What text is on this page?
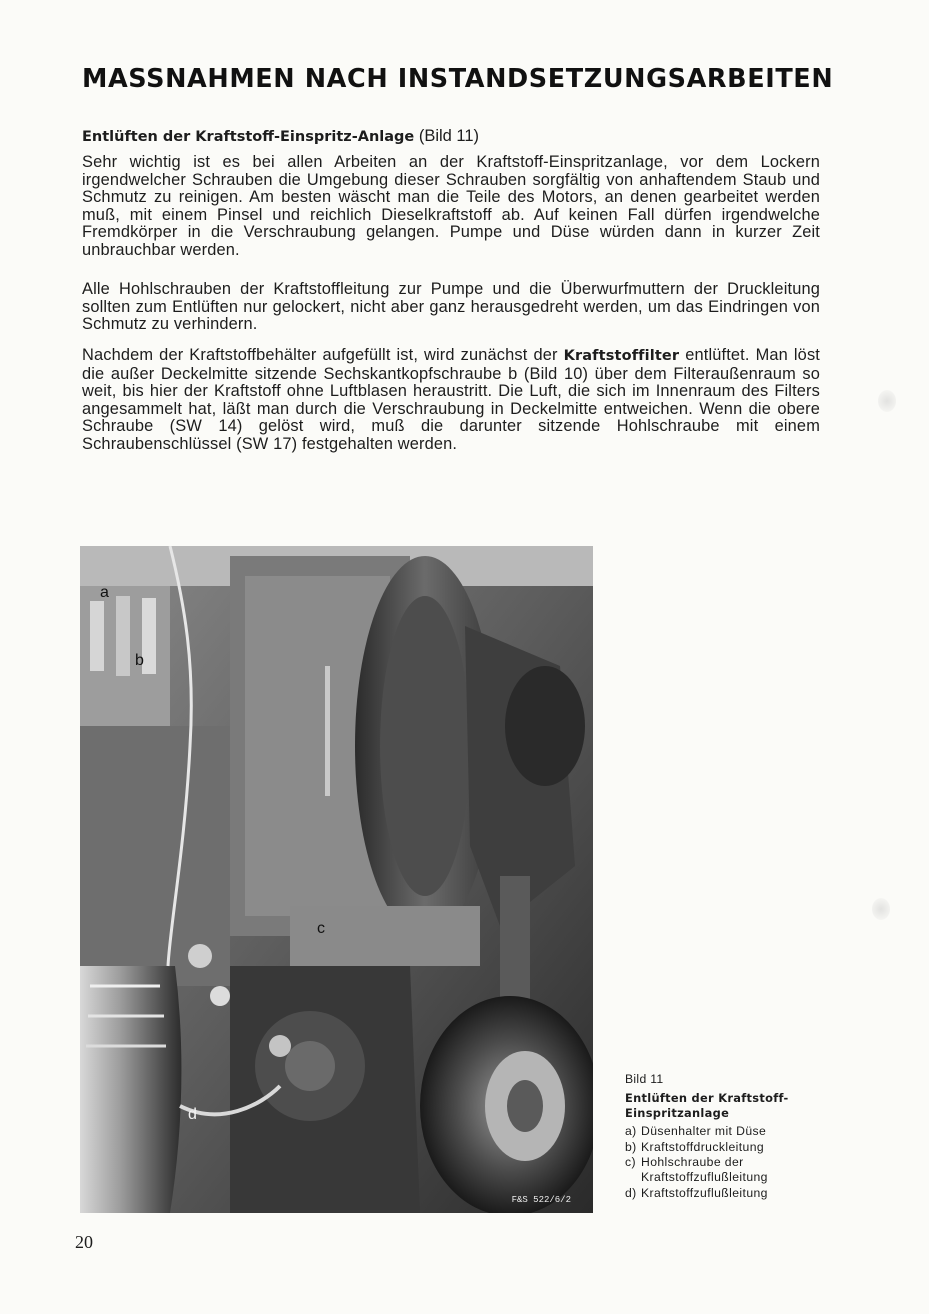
MASSNAHMEN NACH INSTANDSETZUNGSARBEITEN
Entlüften der Kraftstoff-Einspritz-Anlage (Bild 11)

Sehr wichtig ist es bei allen Arbeiten an der Kraftstoff-Einspritzanlage, vor dem Lockern irgendwelcher Schrauben die Umgebung dieser Schrauben sorgfältig von anhaftendem Staub und Schmutz zu reinigen. Am besten wäscht man die Teile des Motors, an denen gearbeitet werden muß, mit einem Pinsel und reichlich Dieselkraftstoff ab. Auf keinen Fall dürfen irgendwelche Fremdkörper in die Verschraubung gelangen. Pumpe und Düse würden dann in kurzer Zeit unbrauchbar werden.

Alle Hohlschrauben der Kraftstoffleitung zur Pumpe und die Überwurfmuttern der Druckleitung sollten zum Entlüften nur gelockert, nicht aber ganz herausgedreht werden, um das Eindringen von Schmutz zu verhindern.

Nachdem der Kraftstoffbehälter aufgefüllt ist, wird zunächst der Kraftstoffilter entlüftet. Man löst die außer Deckelmitte sitzende Sechskantkopfschraube b (Bild 10) über dem Filteraußenraum so weit, bis hier der Kraftstoff ohne Luftblasen heraustritt. Die Luft, die sich im Innenraum des Filters angesammelt hat, läßt man durch die Verschraubung in Deckelmitte entweichen. Wenn die obere Schraube (SW 14) gelöst wird, muß die darunter sitzende Hohlschraube mit einem Schraubenschlüssel (SW 17) festgehalten werden.

a
b
c
d
F&S 522/6/2

Bild 11

Entlüften der Kraftstoff-Einspritzanlage

a) Düsenhalter mit Düse
b) Kraftstoffdruckleitung
c) Hohlschraube der Kraftstoffzuflußleitung
d) Kraftstoffzuflußleitung
20
